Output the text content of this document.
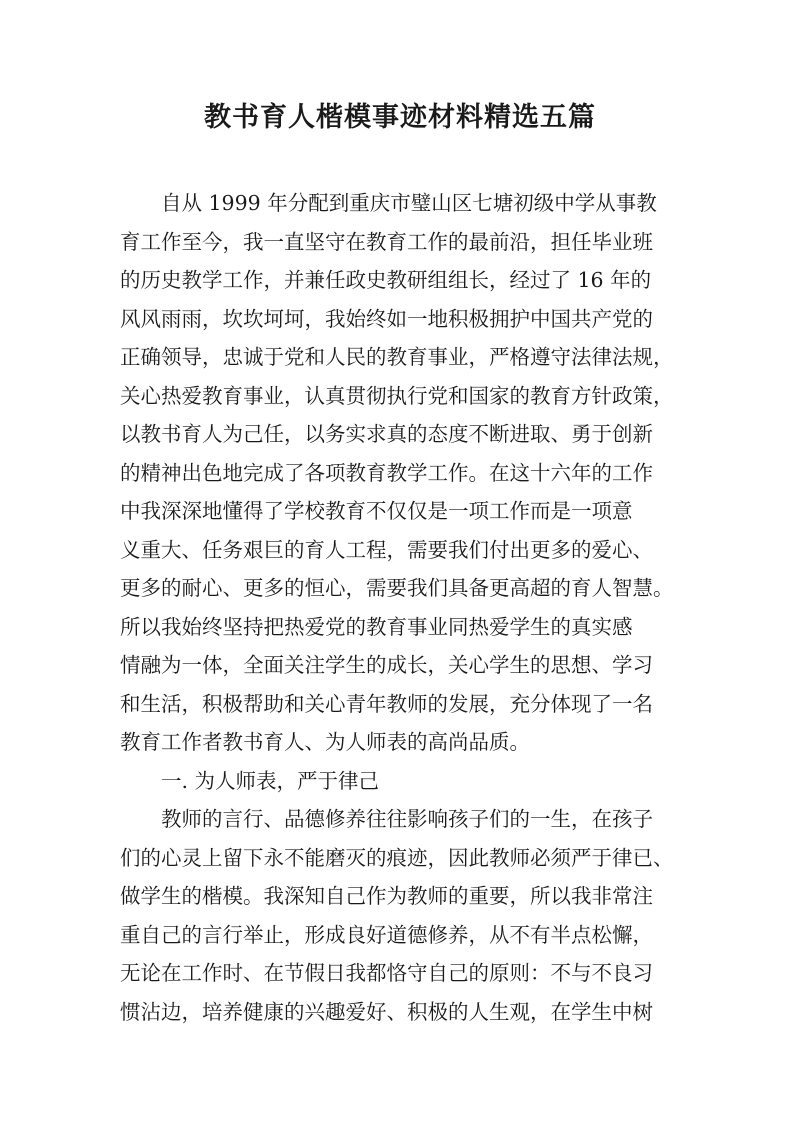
教书育人楷模事迹材料精选五篇
自从 1999 年分配到重庆市璧山区七塘初级中学从事教
育工作至今，我一直坚守在教育工作的最前沿，担任毕业班
的历史教学工作，并兼任政史教研组组长，经过了 16 年的
风风雨雨，坎坎坷坷，我始终如一地积极拥护中国共产党的
正确领导，忠诚于党和人民的教育事业，严格遵守法律法规，
关心热爱教育事业，认真贯彻执行党和国家的教育方针政策，
以教书育人为己任，以务实求真的态度不断进取、勇于创新
的精神出色地完成了各项教育教学工作。在这十六年的工作
中我深深地懂得了学校教育不仅仅是一项工作而是一项意
义重大、任务艰巨的育人工程，需要我们付出更多的爱心、
更多的耐心、更多的恒心，需要我们具备更高超的育人智慧。
所以我始终坚持把热爱党的教育事业同热爱学生的真实感
情融为一体，全面关注学生的成长，关心学生的思想、学习
和生活，积极帮助和关心青年教师的发展，充分体现了一名
教育工作者教书育人、为人师表的高尚品质。
一. 为人师表，严于律己
教师的言行、品德修养往往影响孩子们的一生，在孩子
们的心灵上留下永不能磨灭的痕迹，因此教师必须严于律已、
做学生的楷模。我深知自己作为教师的重要，所以我非常注
重自己的言行举止，形成良好道德修养，从不有半点松懈，
无论在工作时、在节假日我都恪守自己的原则：不与不良习
惯沾边，培养健康的兴趣爱好、积极的人生观，在学生中树
